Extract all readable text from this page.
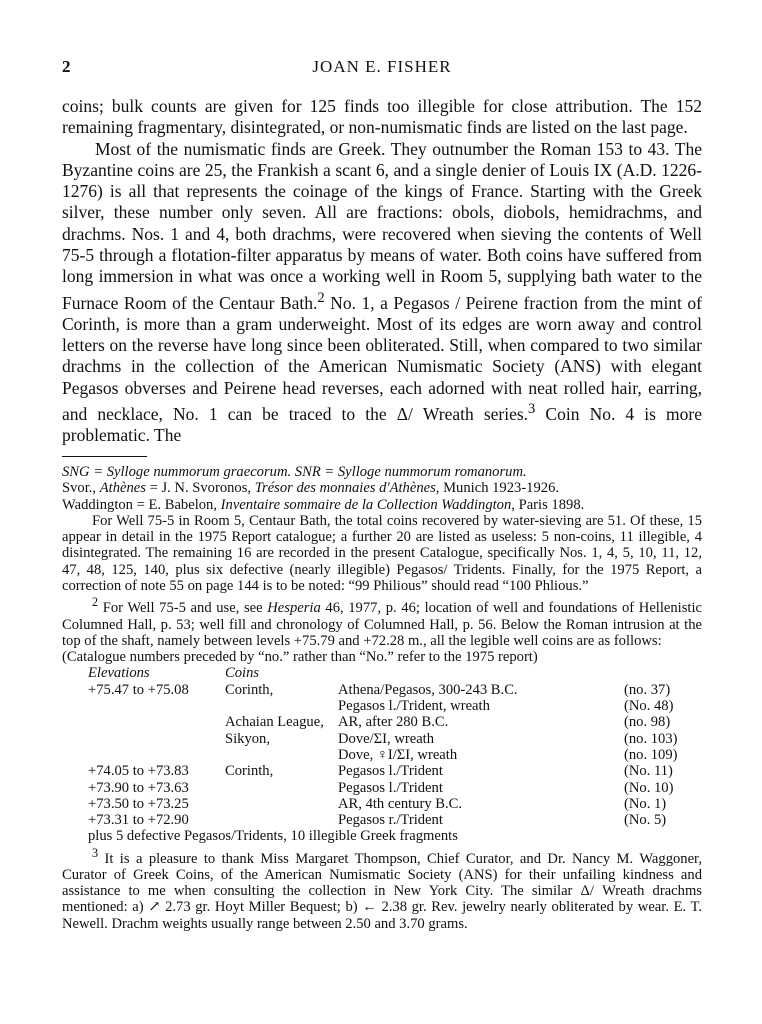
2	JOAN E. FISHER

coins; bulk counts are given for 125 finds too illegible for close attribution. The 152 remaining fragmentary, disintegrated, or non-numismatic finds are listed on the last page.

Most of the numismatic finds are Greek. They outnumber the Roman 153 to 43. The Byzantine coins are 25, the Frankish a scant 6, and a single denier of Louis IX (A.D. 1226-1276) is all that represents the coinage of the kings of France. Starting with the Greek silver, these number only seven. All are fractions: obols, diobols, hemidrachms, and drachms. Nos. 1 and 4, both drachms, were recovered when sieving the contents of Well 75-5 through a flotation-filter apparatus by means of water. Both coins have suffered from long immersion in what was once a working well in Room 5, supplying bath water to the Furnace Room of the Centaur Bath.$^2$ No. 1, a Pegasos / Peirene fraction from the mint of Corinth, is more than a gram underweight. Most of its edges are worn away and control letters on the reverse have long since been obliterated. Still, when compared to two similar drachms in the collection of the American Numismatic Society (ANS) with elegant Pegasos obverses and Peirene head reverses, each adorned with neat rolled hair, earring, and necklace, No. 1 can be traced to the Δ/ Wreath series.$^3$ Coin No. 4 is more problematic. The

SNG = Sylloge nummorum graecorum. SNR = Sylloge nummorum romanorum.

Svor., Athènes = J. N. Svoronos, Trésor des monnaies d'Athènes, Munich 1923-1926.

Waddington = E. Babelon, Inventaire sommaire de la Collection Waddington, Paris 1898.

For Well 75-5 in Room 5, Centaur Bath, the total coins recovered by water-sieving are 51. Of these, 15 appear in detail in the 1975 Report catalogue; a further 20 are listed as useless: 5 non-coins, 11 illegible, 4 disintegrated. The remaining 16 are recorded in the present Catalogue, specifically Nos. 1, 4, 5, 10, 11, 12, 47, 48, 125, 140, plus six defective (nearly illegible) Pegasos/ Tridents. Finally, for the 1975 Report, a correction of note 55 on page 144 is to be noted: “99 Philious” should read “100 Phlious.”

$^2$ For Well 75-5 and use, see Hesperia 46, 1977, p. 46; location of well and foundations of Hellenistic Columned Hall, p. 53; well fill and chronology of Columned Hall, p. 56. Below the Roman intrusion at the top of the shaft, namely between levels +75.79 and +72.28 m., all the legible well coins are as follows:

(Catalogue numbers preceded by “no.” rather than “No.” refer to the 1975 report)

Elevations	Coins		
+75.47 to +75.08	Corinth,	Athena/Pegasos, 300-243 B.C.	(no. 37)
		Pegasos l./Trident, wreath	(No. 48)
	Achaian League,	AR, after 280 B.C.	(no. 98)
	Sikyon,	Dove/ΣI, wreath	(no. 103)
		Dove, ♀I/ΣI, wreath	(no. 109)
+74.05 to +73.83	Corinth,	Pegasos l./Trident	(No. 11)
+73.90 to +73.63		Pegasos l./Trident	(No. 10)
+73.50 to +73.25		AR, 4th century B.C.	(No. 1)
+73.31 to +72.90		Pegasos r./Trident	(No. 5)
plus 5 defective Pegasos/Tridents, 10 illegible Greek fragments			

$^3$ It is a pleasure to thank Miss Margaret Thompson, Chief Curator, and Dr. Nancy M. Waggoner, Curator of Greek Coins, of the American Numismatic Society (ANS) for their unfailing kindness and assistance to me when consulting the collection in New York City. The similar Δ/ Wreath drachms mentioned: a) ↗ 2.73 gr. Hoyt Miller Bequest; b) ← 2.38 gr. Rev. jewelry nearly obliterated by wear. E. T. Newell. Drachm weights usually range between 2.50 and 3.70 grams.
